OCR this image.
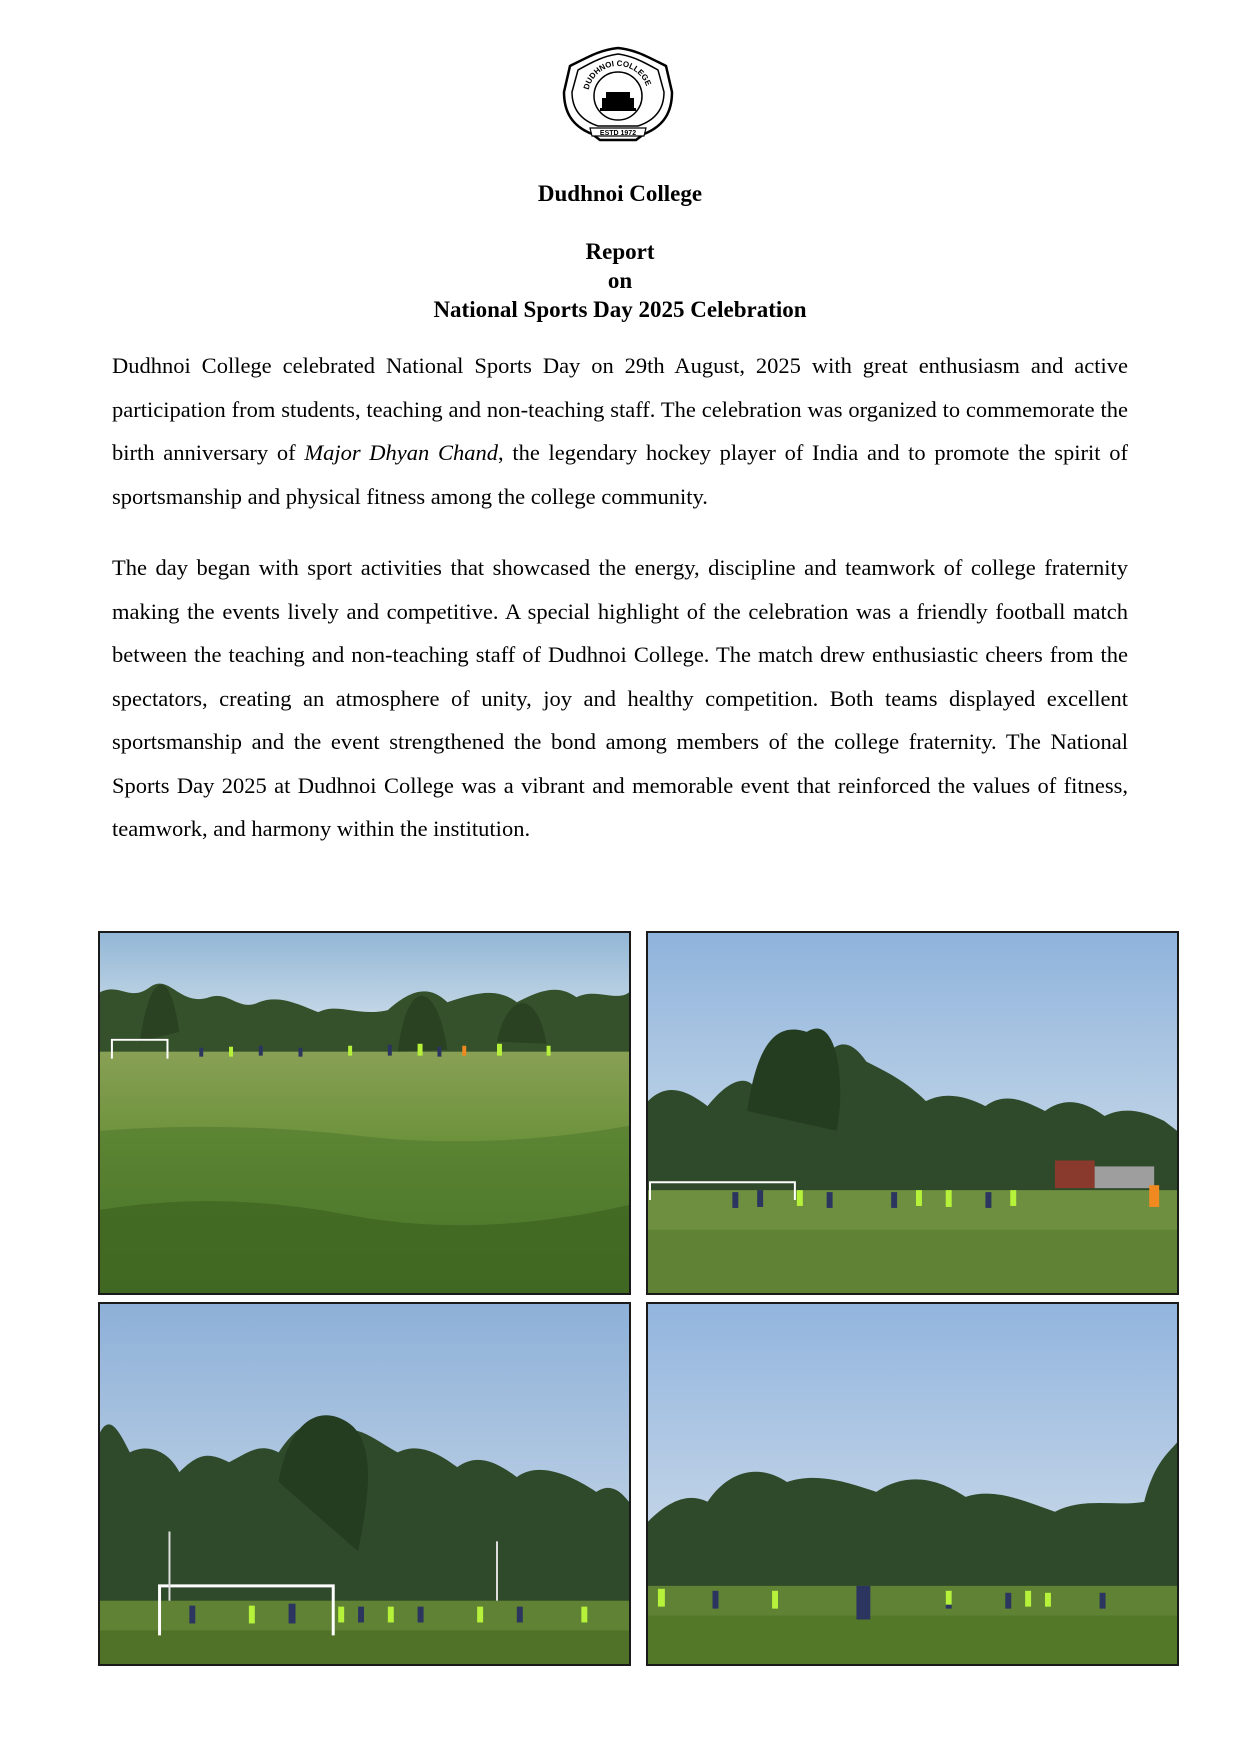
DUDHNOI COLLEGE
ESTD 1972
Dudhnoi College
Report
on
National Sports Day 2025 Celebration

Dudhnoi College celebrated National Sports Day on 29th August, 2025 with great enthusiasm and active participation from students, teaching and non-teaching staff. The celebration was organized to commemorate the birth anniversary of Major Dhyan Chand, the legendary hockey player of India and to promote the spirit of sportsmanship and physical fitness among the college community.

The day began with sport activities that showcased the energy, discipline and teamwork of college fraternity making the events lively and competitive. A special highlight of the celebration was a friendly football match between the teaching and non-teaching staff of Dudhnoi College. The match drew enthusiastic cheers from the spectators, creating an atmosphere of unity, joy and healthy competition. Both teams displayed excellent sportsmanship and the event strengthened the bond among members of the college fraternity. The National Sports Day 2025 at Dudhnoi College was a vibrant and memorable event that reinforced the values of fitness, teamwork, and harmony within the institution.
